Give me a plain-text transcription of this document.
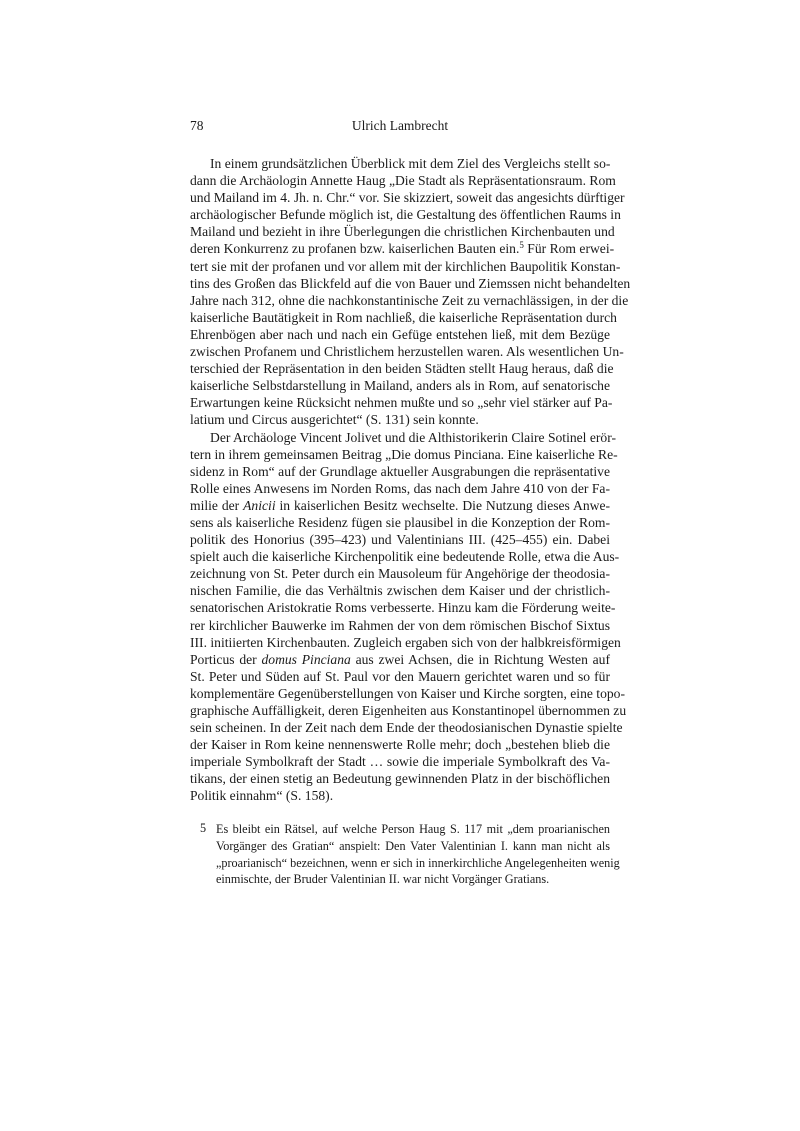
78	Ulrich Lambrecht
In einem grundsätzlichen Überblick mit dem Ziel des Vergleichs stellt so-
dann die Archäologin Annette Haug „Die Stadt als Repräsentationsraum. Rom
und Mailand im 4. Jh. n. Chr.“ vor. Sie skizziert, soweit das angesichts dürftiger
archäologischer Befunde möglich ist, die Gestaltung des öffentlichen Raums in
Mailand und bezieht in ihre Überlegungen die christlichen Kirchenbauten und
deren Konkurrenz zu profanen bzw. kaiserlichen Bauten ein.$^5$ Für Rom erwei-
tert sie mit der profanen und vor allem mit der kirchlichen Baupolitik Konstan-
tins des Großen das Blickfeld auf die von Bauer und Ziemssen nicht behandelten
Jahre nach 312, ohne die nachkonstantinische Zeit zu vernachlässigen, in der die
kaiserliche Bautätigkeit in Rom nachließ, die kaiserliche Repräsentation durch
Ehrenbögen aber nach und nach ein Gefüge entstehen ließ, mit dem Bezüge
zwischen Profanem und Christlichem herzustellen waren. Als wesentlichen Un-
terschied der Repräsentation in den beiden Städten stellt Haug heraus, daß die
kaiserliche Selbstdarstellung in Mailand, anders als in Rom, auf senatorische
Erwartungen keine Rücksicht nehmen mußte und so „sehr viel stärker auf Pa-
latium und Circus ausgerichtet“ (S. 131) sein konnte.
Der Archäologe Vincent Jolivet und die Althistorikerin Claire Sotinel erör-
tern in ihrem gemeinsamen Beitrag „Die domus Pinciana. Eine kaiserliche Re-
sidenz in Rom“ auf der Grundlage aktueller Ausgrabungen die repräsentative
Rolle eines Anwesens im Norden Roms, das nach dem Jahre 410 von der Fa-
milie der Anicii in kaiserlichen Besitz wechselte. Die Nutzung dieses Anwe-
sens als kaiserliche Residenz fügen sie plausibel in die Konzeption der Rom-
politik des Honorius (395–423) und Valentinians III. (425–455) ein. Dabei
spielt auch die kaiserliche Kirchenpolitik eine bedeutende Rolle, etwa die Aus-
zeichnung von St. Peter durch ein Mausoleum für Angehörige der theodosia-
nischen Familie, die das Verhältnis zwischen dem Kaiser und der christlich-
senatorischen Aristokratie Roms verbesserte. Hinzu kam die Förderung weite-
rer kirchlicher Bauwerke im Rahmen der von dem römischen Bischof Sixtus
III. initiierten Kirchenbauten. Zugleich ergaben sich von der halbkreisförmigen
Porticus der domus Pinciana aus zwei Achsen, die in Richtung Westen auf
St. Peter und Süden auf St. Paul vor den Mauern gerichtet waren und so für
komplementäre Gegenüberstellungen von Kaiser und Kirche sorgten, eine topo-
graphische Auffälligkeit, deren Eigenheiten aus Konstantinopel übernommen zu
sein scheinen. In der Zeit nach dem Ende der theodosianischen Dynastie spielte
der Kaiser in Rom keine nennenswerte Rolle mehr; doch „bestehen blieb die
imperiale Symbolkraft der Stadt … sowie die imperiale Symbolkraft des Va-
tikans, der einen stetig an Bedeutung gewinnenden Platz in der bischöflichen
Politik einnahm“ (S. 158).
5 Es bleibt ein Rätsel, auf welche Person Haug S. 117 mit „dem proarianischen
Vorgänger des Gratian“ anspielt: Den Vater Valentinian I. kann man nicht als
„proarianisch“ bezeichnen, wenn er sich in innerkirchliche Angelegenheiten wenig
einmischte, der Bruder Valentinian II. war nicht Vorgänger Gratians.
